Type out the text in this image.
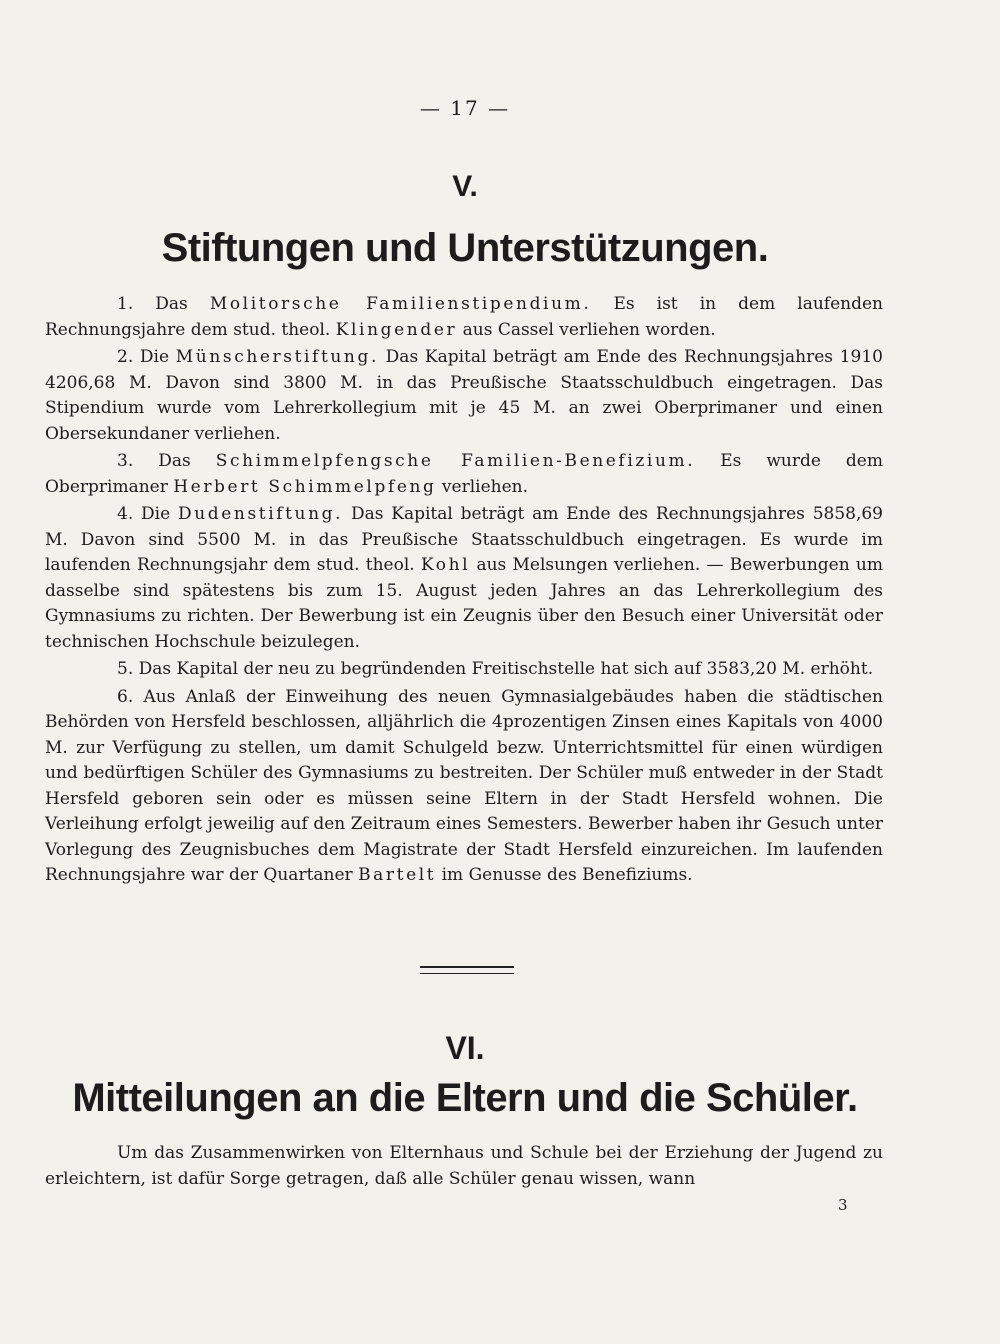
— 17 —
V.
Stiftungen und Unterstützungen.

1. Das Molitorsche Familienstipendium. Es ist in dem laufenden Rechnungsjahre dem stud. theol. Klingender aus Cassel verliehen worden.

2. Die Münscherstiftung. Das Kapital beträgt am Ende des Rechnungsjahres 1910 4206,68 M. Davon sind 3800 M. in das Preußische Staatsschuldbuch eingetragen. Das Stipendium wurde vom Lehrerkollegium mit je 45 M. an zwei Oberprimaner und einen Obersekundaner verliehen.

3. Das Schimmelpfengsche Familien-Benefizium. Es wurde dem Oberprimaner Herbert Schimmelpfeng verliehen.

4. Die Dudenstiftung. Das Kapital beträgt am Ende des Rechnungsjahres 5858,69 M. Davon sind 5500 M. in das Preußische Staatsschuldbuch eingetragen. Es wurde im laufenden Rechnungsjahr dem stud. theol. Kohl aus Melsungen verliehen. — Bewerbungen um dasselbe sind spätestens bis zum 15. August jeden Jahres an das Lehrerkollegium des Gymnasiums zu richten. Der Bewerbung ist ein Zeugnis über den Besuch einer Universität oder technischen Hochschule beizulegen.

5. Das Kapital der neu zu begründenden Freitischstelle hat sich auf 3583,20 M. erhöht.

6. Aus Anlaß der Einweihung des neuen Gymnasialgebäudes haben die städtischen Behörden von Hersfeld beschlossen, alljährlich die 4prozentigen Zinsen eines Kapitals von 4000 M. zur Verfügung zu stellen, um damit Schulgeld bezw. Unterrichtsmittel für einen würdigen und bedürftigen Schüler des Gymnasiums zu bestreiten. Der Schüler muß entweder in der Stadt Hersfeld geboren sein oder es müssen seine Eltern in der Stadt Hersfeld wohnen. Die Verleihung erfolgt jeweilig auf den Zeitraum eines Semesters. Bewerber haben ihr Gesuch unter Vorlegung des Zeugnisbuches dem Magistrate der Stadt Hersfeld einzureichen. Im laufenden Rechnungsjahre war der Quartaner Bartelt im Genusse des Benefiziums.

VI.
Mitteilungen an die Eltern und die Schüler.

Um das Zusammenwirken von Elternhaus und Schule bei der Erziehung der Jugend zu erleichtern, ist dafür Sorge getragen, daß alle Schüler genau wissen, wann

3
